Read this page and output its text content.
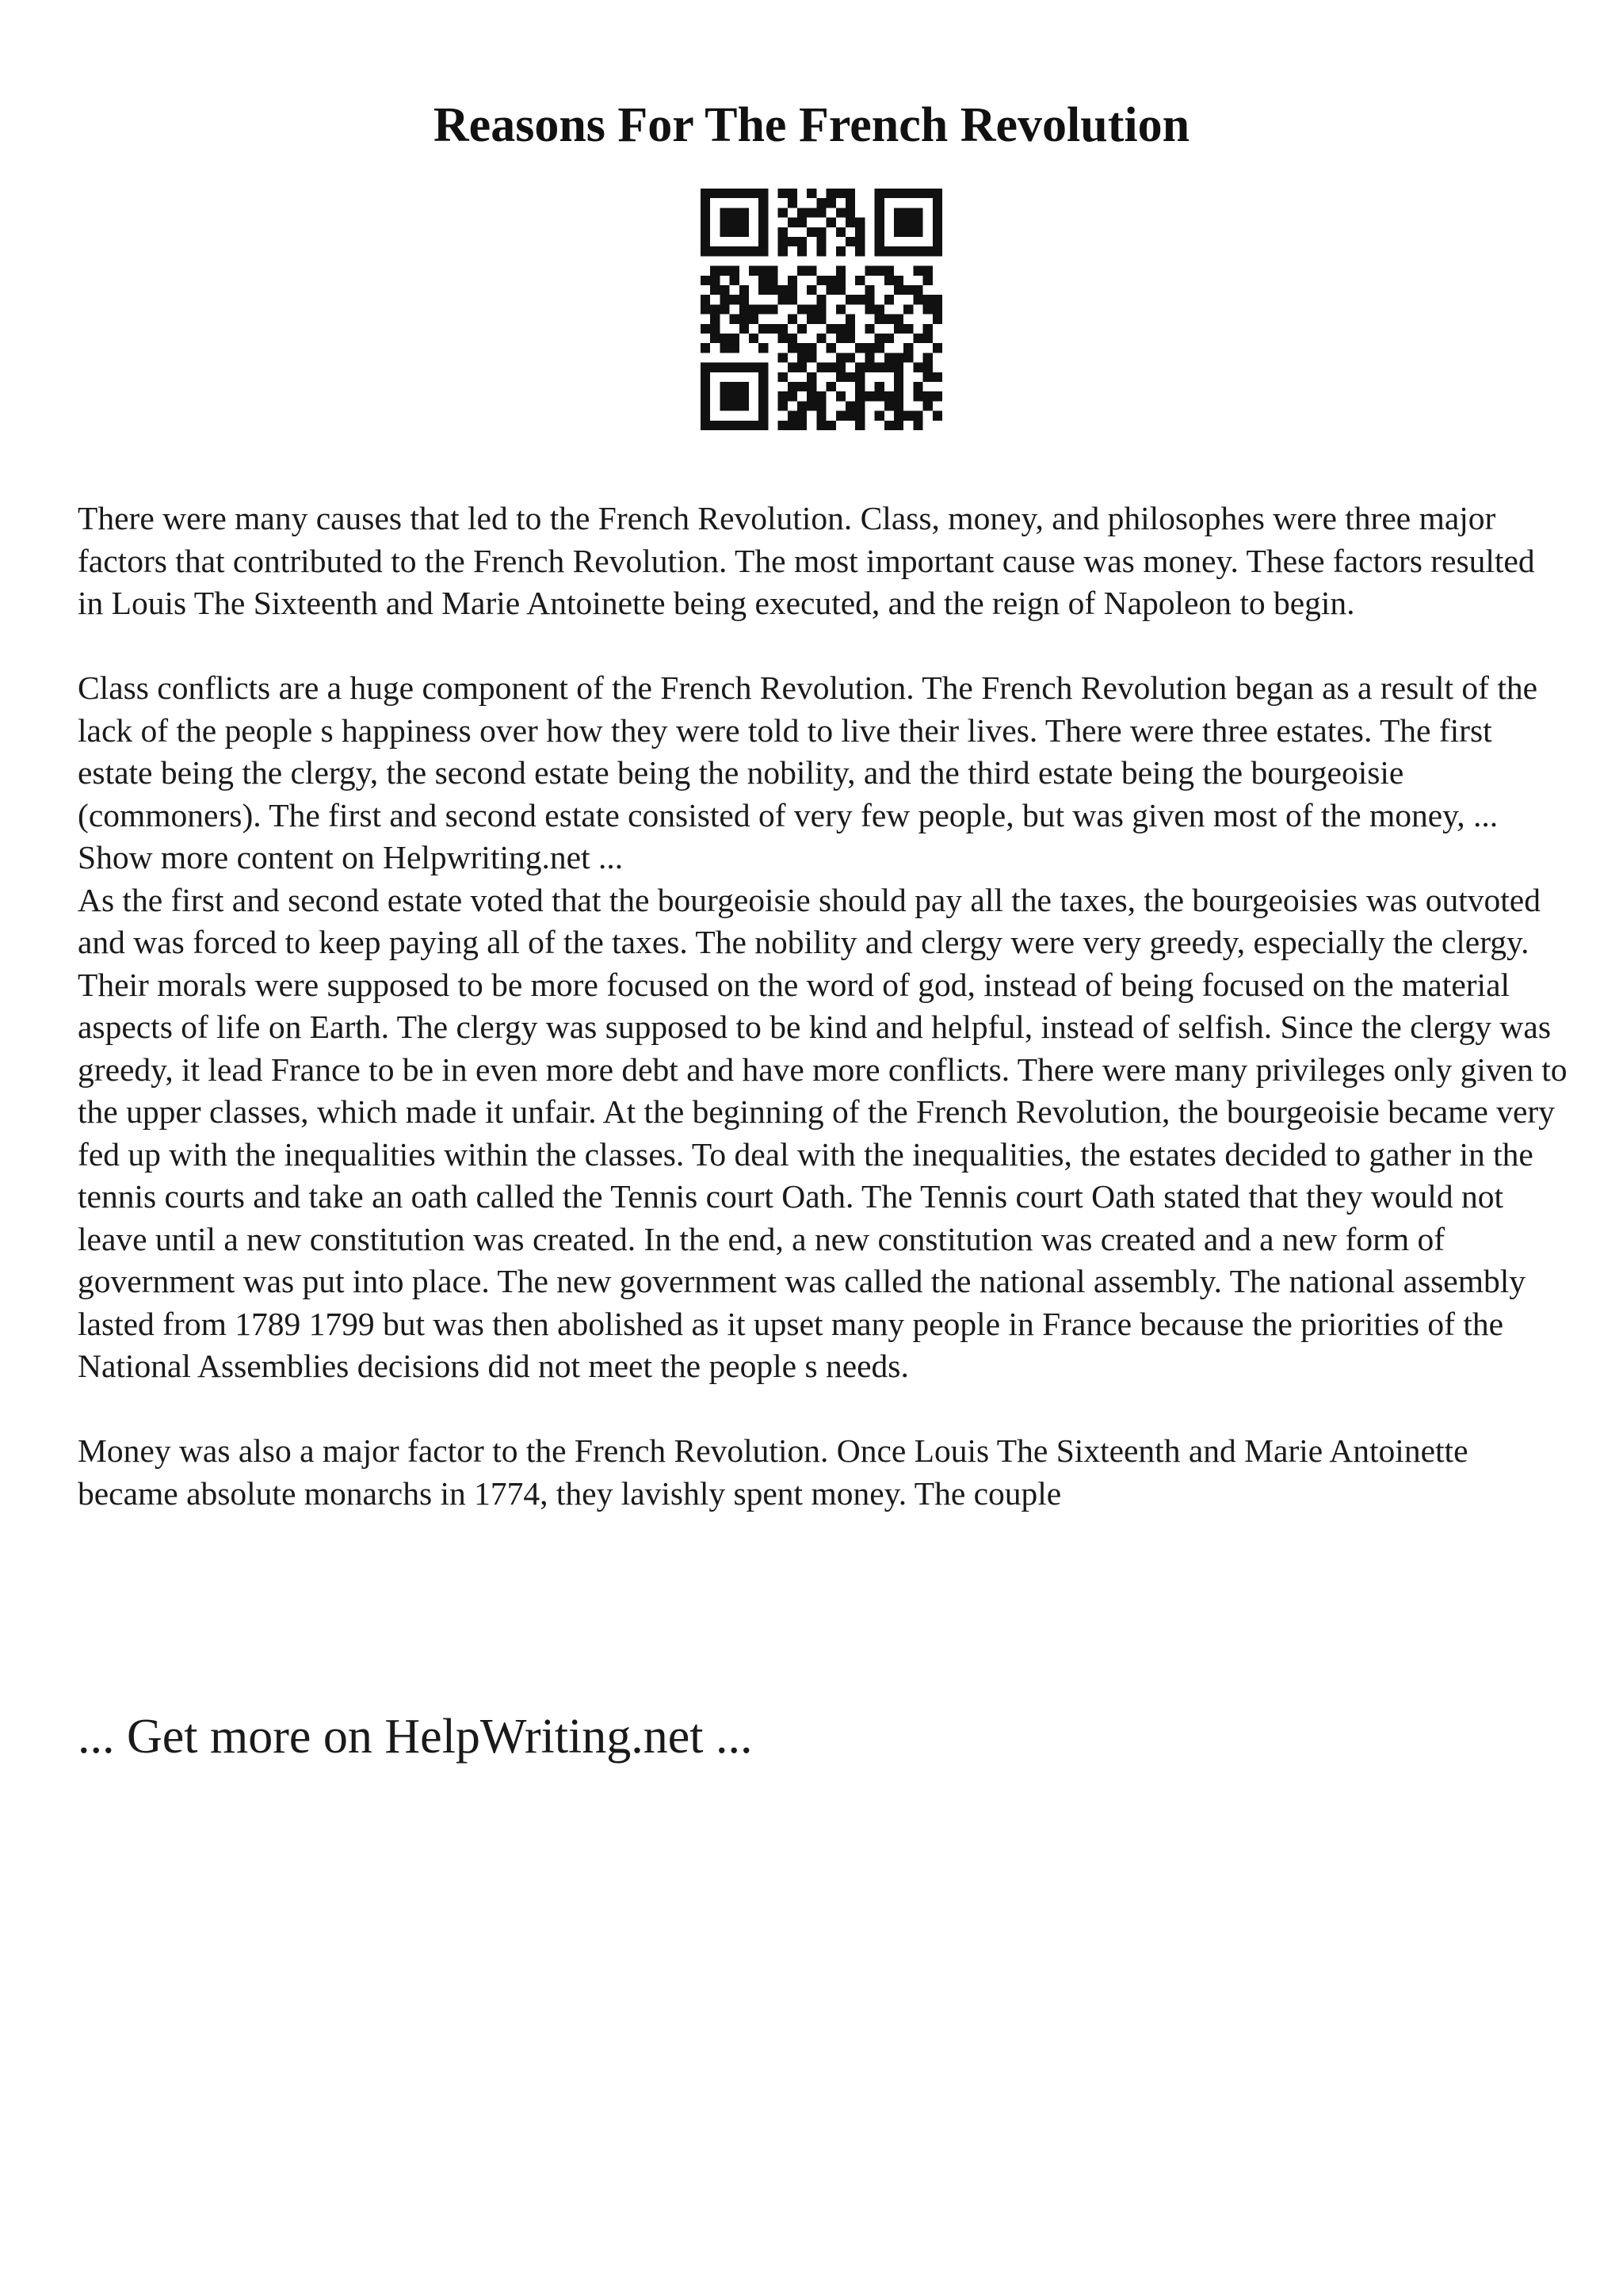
Reasons For The French Revolution

There were many causes that led to the French Revolution. Class, money, and philosophes were three major factors that contributed to the French Revolution. The most important cause was money. These factors resulted in Louis The Sixteenth and Marie Antoinette being executed, and the reign of Napoleon to begin.

Class conflicts are a huge component of the French Revolution. The French Revolution began as a result of the lack of the people s happiness over how they were told to live their lives. There were three estates. The first estate being the clergy, the second estate being the nobility, and the third estate being the bourgeoisie (commoners). The first and second estate consisted of very few people, but was given most of the money, ... Show more content on Helpwriting.net ...

As the first and second estate voted that the bourgeoisie should pay all the taxes, the bourgeoisies was outvoted and was forced to keep paying all of the taxes. The nobility and clergy were very greedy, especially the clergy. Their morals were supposed to be more focused on the word of god, instead of being focused on the material aspects of life on Earth. The clergy was supposed to be kind and helpful, instead of selfish. Since the clergy was greedy, it lead France to be in even more debt and have more conflicts. There were many privileges only given to the upper classes, which made it unfair. At the beginning of the French Revolution, the bourgeoisie became very fed up with the inequalities within the classes. To deal with the inequalities, the estates decided to gather in the tennis courts and take an oath called the Tennis court Oath. The Tennis court Oath stated that they would not leave until a new constitution was created. In the end, a new constitution was created and a new form of government was put into place. The new government was called the national assembly. The national assembly lasted from 1789 1799 but was then abolished as it upset many people in France because the priorities of the National Assemblies decisions did not meet the people s needs.

Money was also a major factor to the French Revolution. Once Louis The Sixteenth and Marie Antoinette became absolute monarchs in 1774, they lavishly spent money. The couple

... Get more on HelpWriting.net ...
